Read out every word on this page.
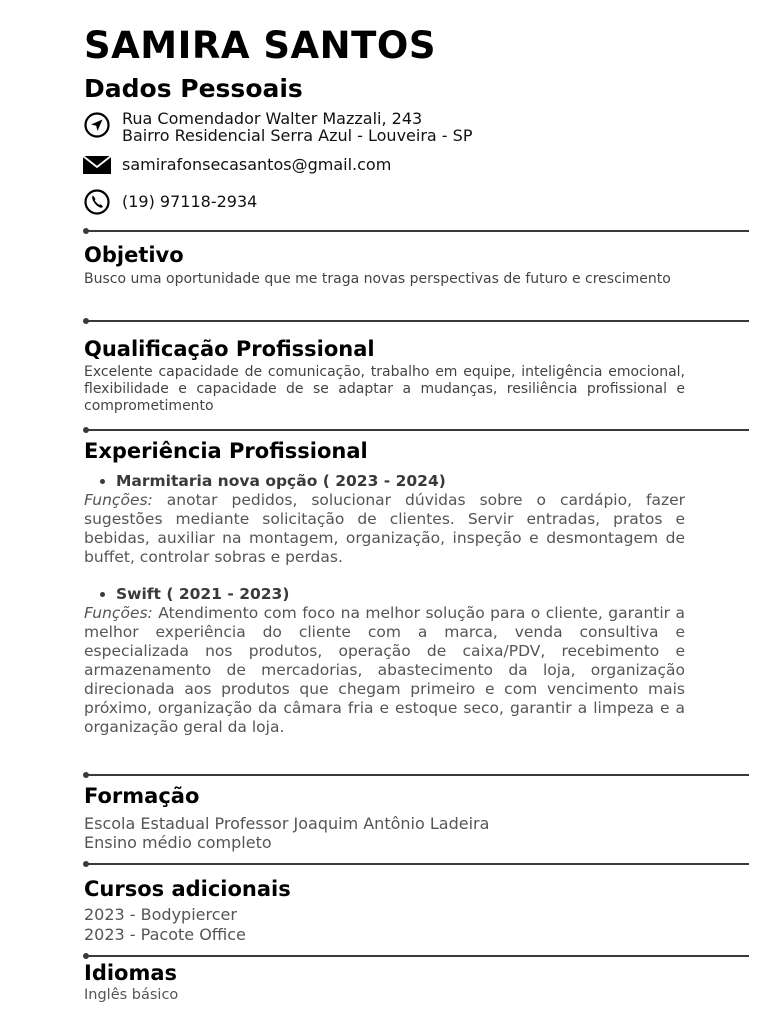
SAMIRA SANTOS
Dados Pessoais
Rua Comendador Walter Mazzali, 243
Bairro Residencial Serra Azul - Louveira - SP
samirafonsecasantos@gmail.com
(19) 97118-2934
Objetivo

Busco uma oportunidade que me traga novas perspectivas de futuro e crescimento

Qualificação Profissional

Excelente capacidade de comunicação, trabalho em equipe, inteligência emocional, flexibilidade e capacidade de se adaptar a mudanças, resiliência profissional e comprometimento

Experiência Profissional
Marmitaria nova opção ( 2023 - 2024)

Funções: anotar pedidos, solucionar dúvidas sobre o cardápio, fazer sugestões mediante solicitação de clientes. Servir entradas, pratos e bebidas, auxiliar na montagem, organização, inspeção e desmontagem de buffet, controlar sobras e perdas.

Swift ( 2021 - 2023)

Funções: Atendimento com foco na melhor solução para o cliente, garantir a melhor experiência do cliente com a marca, venda consultiva e especializada nos produtos, operação de caixa/PDV, recebimento e armazenamento de mercadorias, abastecimento da loja, organização direcionada aos produtos que chegam primeiro e com vencimento mais próximo, organização da câmara fria e estoque seco, garantir a limpeza e a organização geral da loja.

Formação

Escola Estadual Professor Joaquim Antônio Ladeira

Ensino médio completo

Cursos adicionais

2023 - Bodypiercer

2023 - Pacote Office

Idiomas

Inglês básico
